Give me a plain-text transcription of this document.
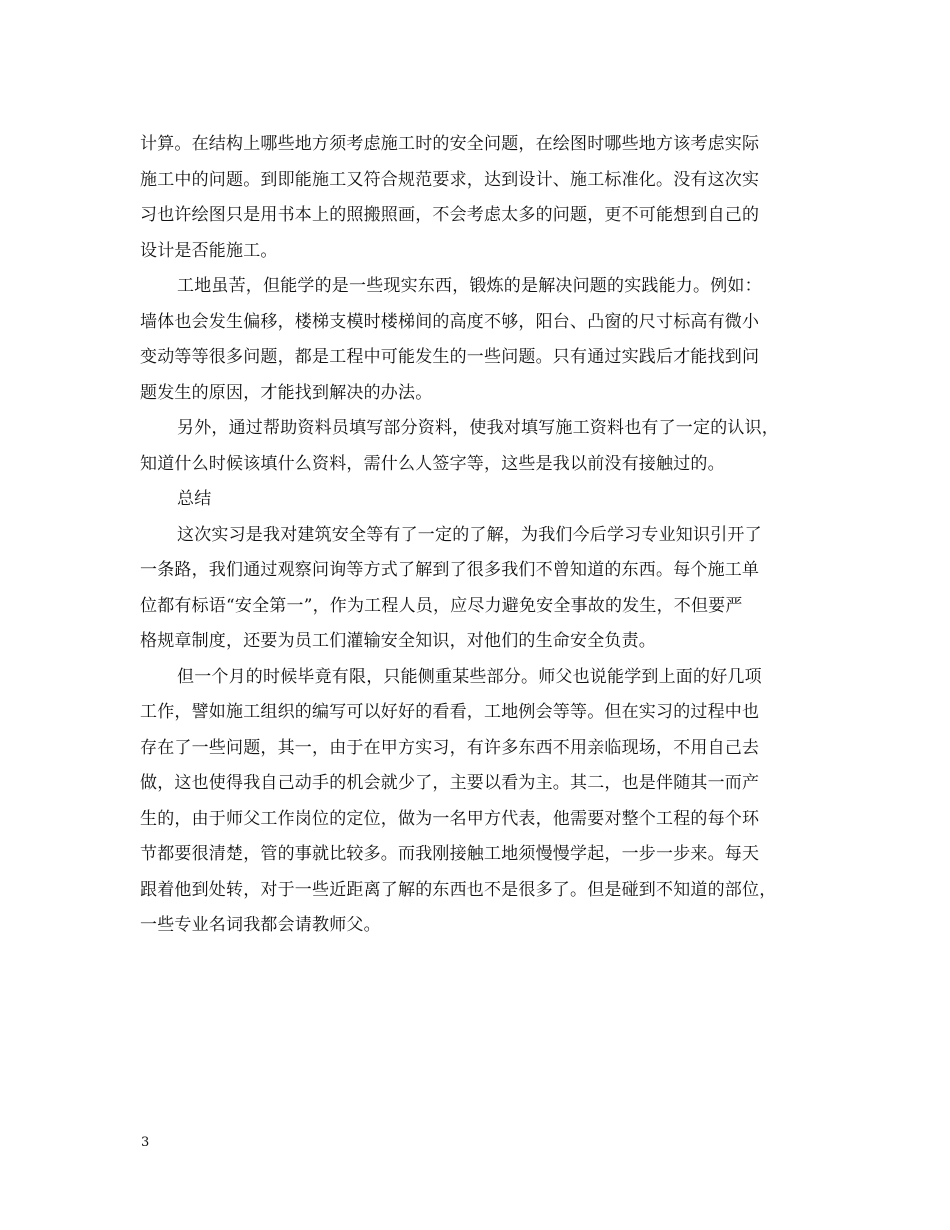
计算。在结构上哪些地方须考虑施工时的安全问题，在绘图时哪些地方该考虑实际
施工中的问题。到即能施工又符合规范要求，达到设计、施工标准化。没有这次实
习也许绘图只是用书本上的照搬照画，不会考虑太多的问题，更不可能想到自己的
设计是否能施工。
工地虽苦，但能学的是一些现实东西，锻炼的是解决问题的实践能力。例如：
墙体也会发生偏移，楼梯支模时楼梯间的高度不够，阳台、凸窗的尺寸标高有微小
变动等等很多问题，都是工程中可能发生的一些问题。只有通过实践后才能找到问
题发生的原因，才能找到解决的办法。
另外，通过帮助资料员填写部分资料，使我对填写施工资料也有了一定的认识，
知道什么时候该填什么资料，需什么人签字等，这些是我以前没有接触过的。
总结
这次实习是我对建筑安全等有了一定的了解，为我们今后学习专业知识引开了
一条路，我们通过观察问询等方式了解到了很多我们不曾知道的东西。每个施工单
位都有标语“安全第一”，作为工程人员，应尽力避免安全事故的发生，不但要严
格规章制度，还要为员工们灌输安全知识，对他们的生命安全负责。
但一个月的时候毕竟有限，只能侧重某些部分。师父也说能学到上面的好几项
工作，譬如施工组织的编写可以好好的看看，工地例会等等。但在实习的过程中也
存在了一些问题，其一，由于在甲方实习，有许多东西不用亲临现场，不用自己去
做，这也使得我自己动手的机会就少了，主要以看为主。其二，也是伴随其一而产
生的，由于师父工作岗位的定位，做为一名甲方代表，他需要对整个工程的每个环
节都要很清楚，管的事就比较多。而我刚接触工地须慢慢学起，一步一步来。每天
跟着他到处转，对于一些近距离了解的东西也不是很多了。但是碰到不知道的部位，
一些专业名词我都会请教师父。
3
